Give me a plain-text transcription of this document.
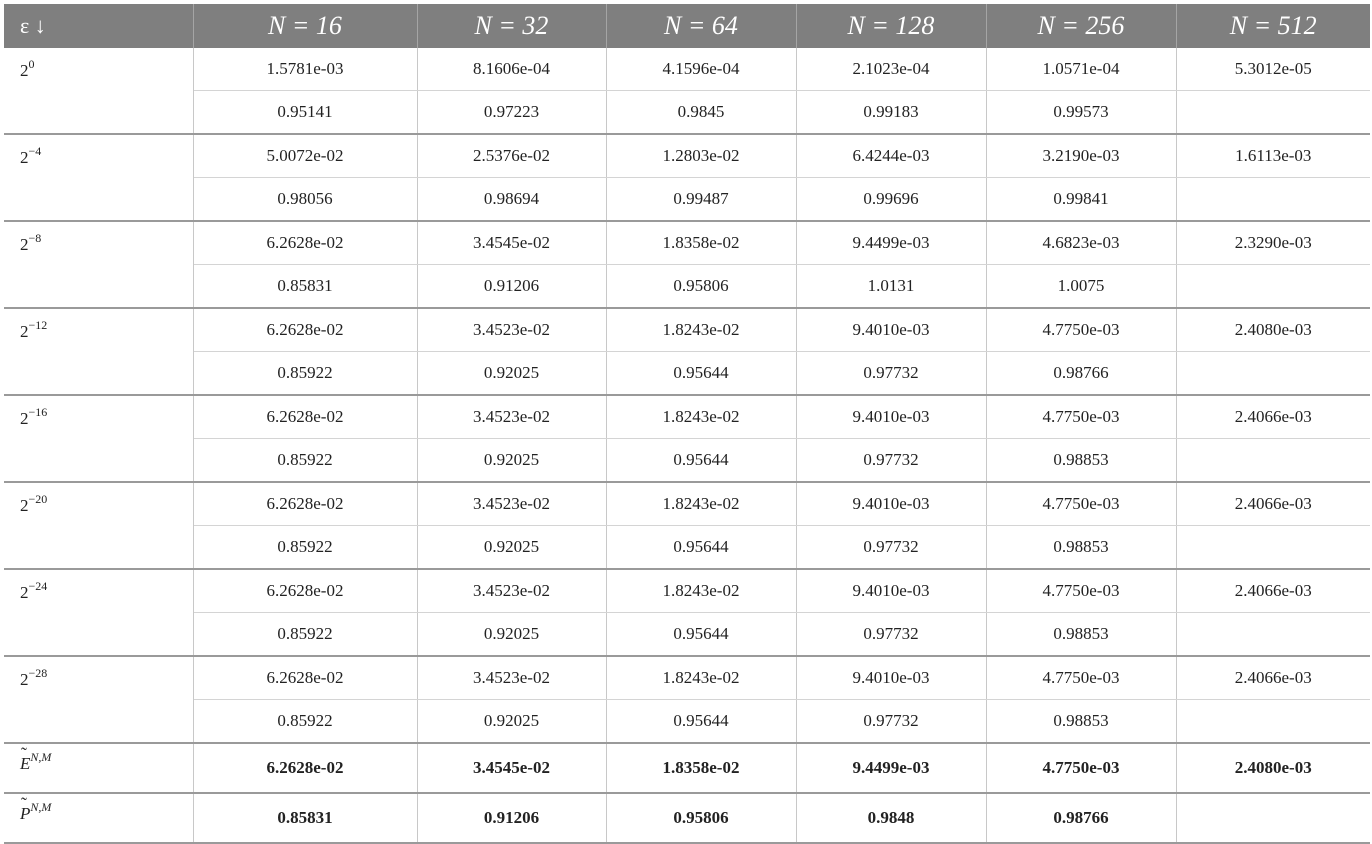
ε ↓	N = 16	N = 32	N = 64	N = 128	N = 256	N = 512
$2^0$	1.5781e-03	8.1606e-04	4.1596e-04	2.1023e-04	1.0571e-04	5.3012e-05
	0.95141	0.97223	0.9845	0.99183	0.99573	
$2^{-4}$	5.0072e-02	2.5376e-02	1.2803e-02	6.4244e-03	3.2190e-03	1.6113e-03
	0.98056	0.98694	0.99487	0.99696	0.99841	
$2^{-8}$	6.2628e-02	3.4545e-02	1.8358e-02	9.4499e-03	4.6823e-03	2.3290e-03
	0.85831	0.91206	0.95806	1.0131	1.0075	
$2^{-12}$	6.2628e-02	3.4523e-02	1.8243e-02	9.4010e-03	4.7750e-03	2.4080e-03
	0.85922	0.92025	0.95644	0.97732	0.98766	
$2^{-16}$	6.2628e-02	3.4523e-02	1.8243e-02	9.4010e-03	4.7750e-03	2.4066e-03
	0.85922	0.92025	0.95644	0.97732	0.98853	
$2^{-20}$	6.2628e-02	3.4523e-02	1.8243e-02	9.4010e-03	4.7750e-03	2.4066e-03
	0.85922	0.92025	0.95644	0.97732	0.98853	
$2^{-24}$	6.2628e-02	3.4523e-02	1.8243e-02	9.4010e-03	4.7750e-03	2.4066e-03
	0.85922	0.92025	0.95644	0.97732	0.98853	
$2^{-28}$	6.2628e-02	3.4523e-02	1.8243e-02	9.4010e-03	4.7750e-03	2.4066e-03
	0.85922	0.92025	0.95644	0.97732	0.98853	
˜ $E^{N,M}$	6.2628e-02	3.4545e-02	1.8358e-02	9.4499e-03	4.7750e-03	2.4080e-03
˜ $P^{N,M}$	0.85831	0.91206	0.95806	0.9848	0.98766	
